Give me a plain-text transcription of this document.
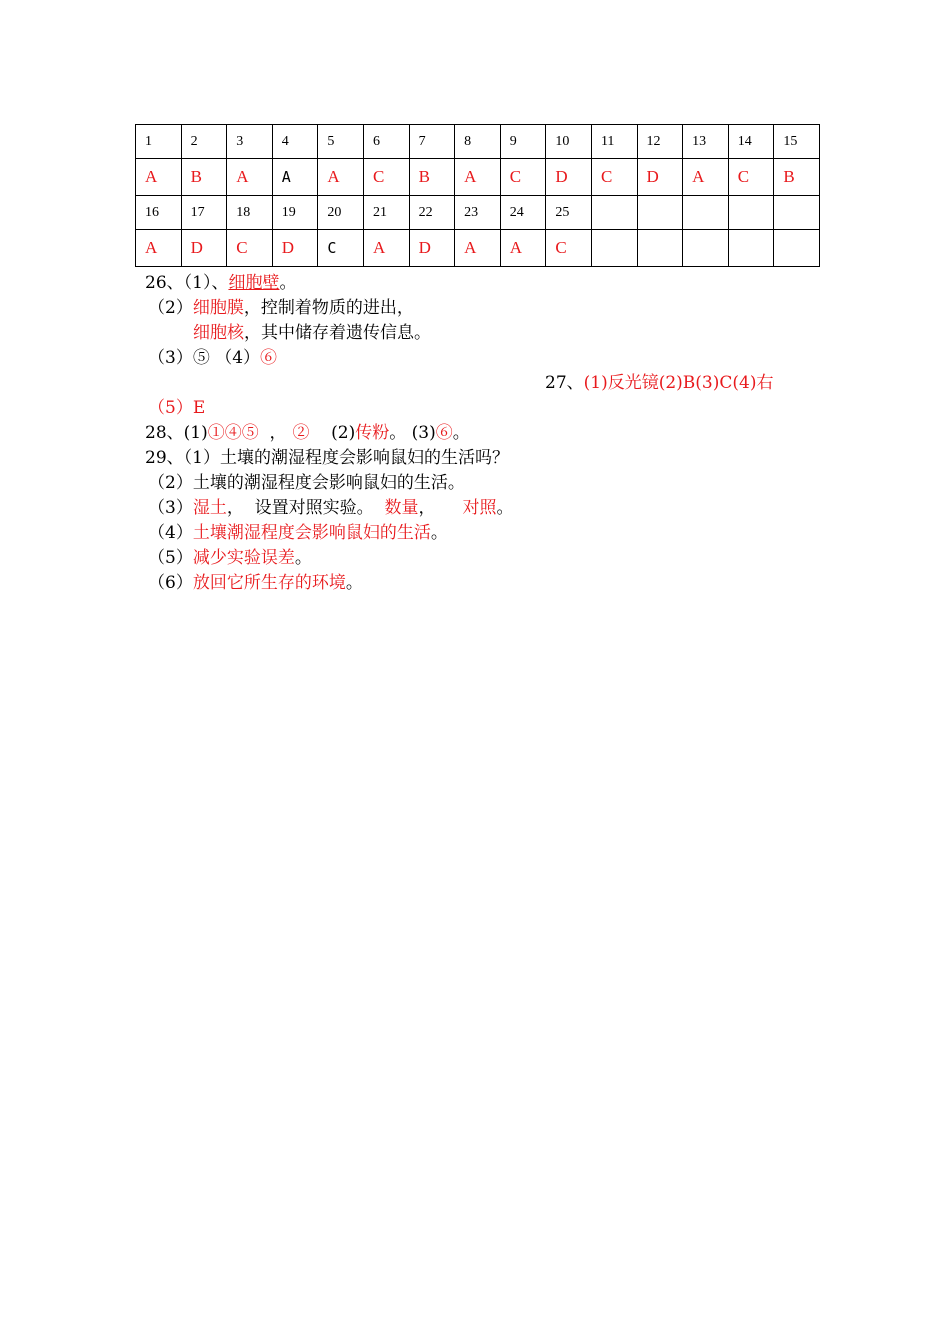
1	2	3	4	5	6	7	8	9	10	11	12	13	14	15
A	B	A	A	A	C	B	A	C	D	C	D	A	C	B
16	17	18	19	20	21	22	23	24	25					
A	D	C	D	C	A	D	A	A	C					
26、（1）、细胞壁。
（2）细胞膜，控制着物质的进出，
细胞核，其中储存着遗传信息。
（3）⑤ （4）⑥
27、(1)反光镜(2)B(3)C(4)右
（5）E
28、(1)①④⑤  ， ②    (2)传粉。 (3)⑥。
29、（1）土壤的潮湿程度会影响鼠妇的生活吗？
（2）土壤的潮湿程度会影响鼠妇的生活。
（3）湿土，  设置对照实验。  数量，     对照。
（4）土壤潮湿程度会影响鼠妇的生活。
（5）减少实验误差。
（6）放回它所生存的环境。
